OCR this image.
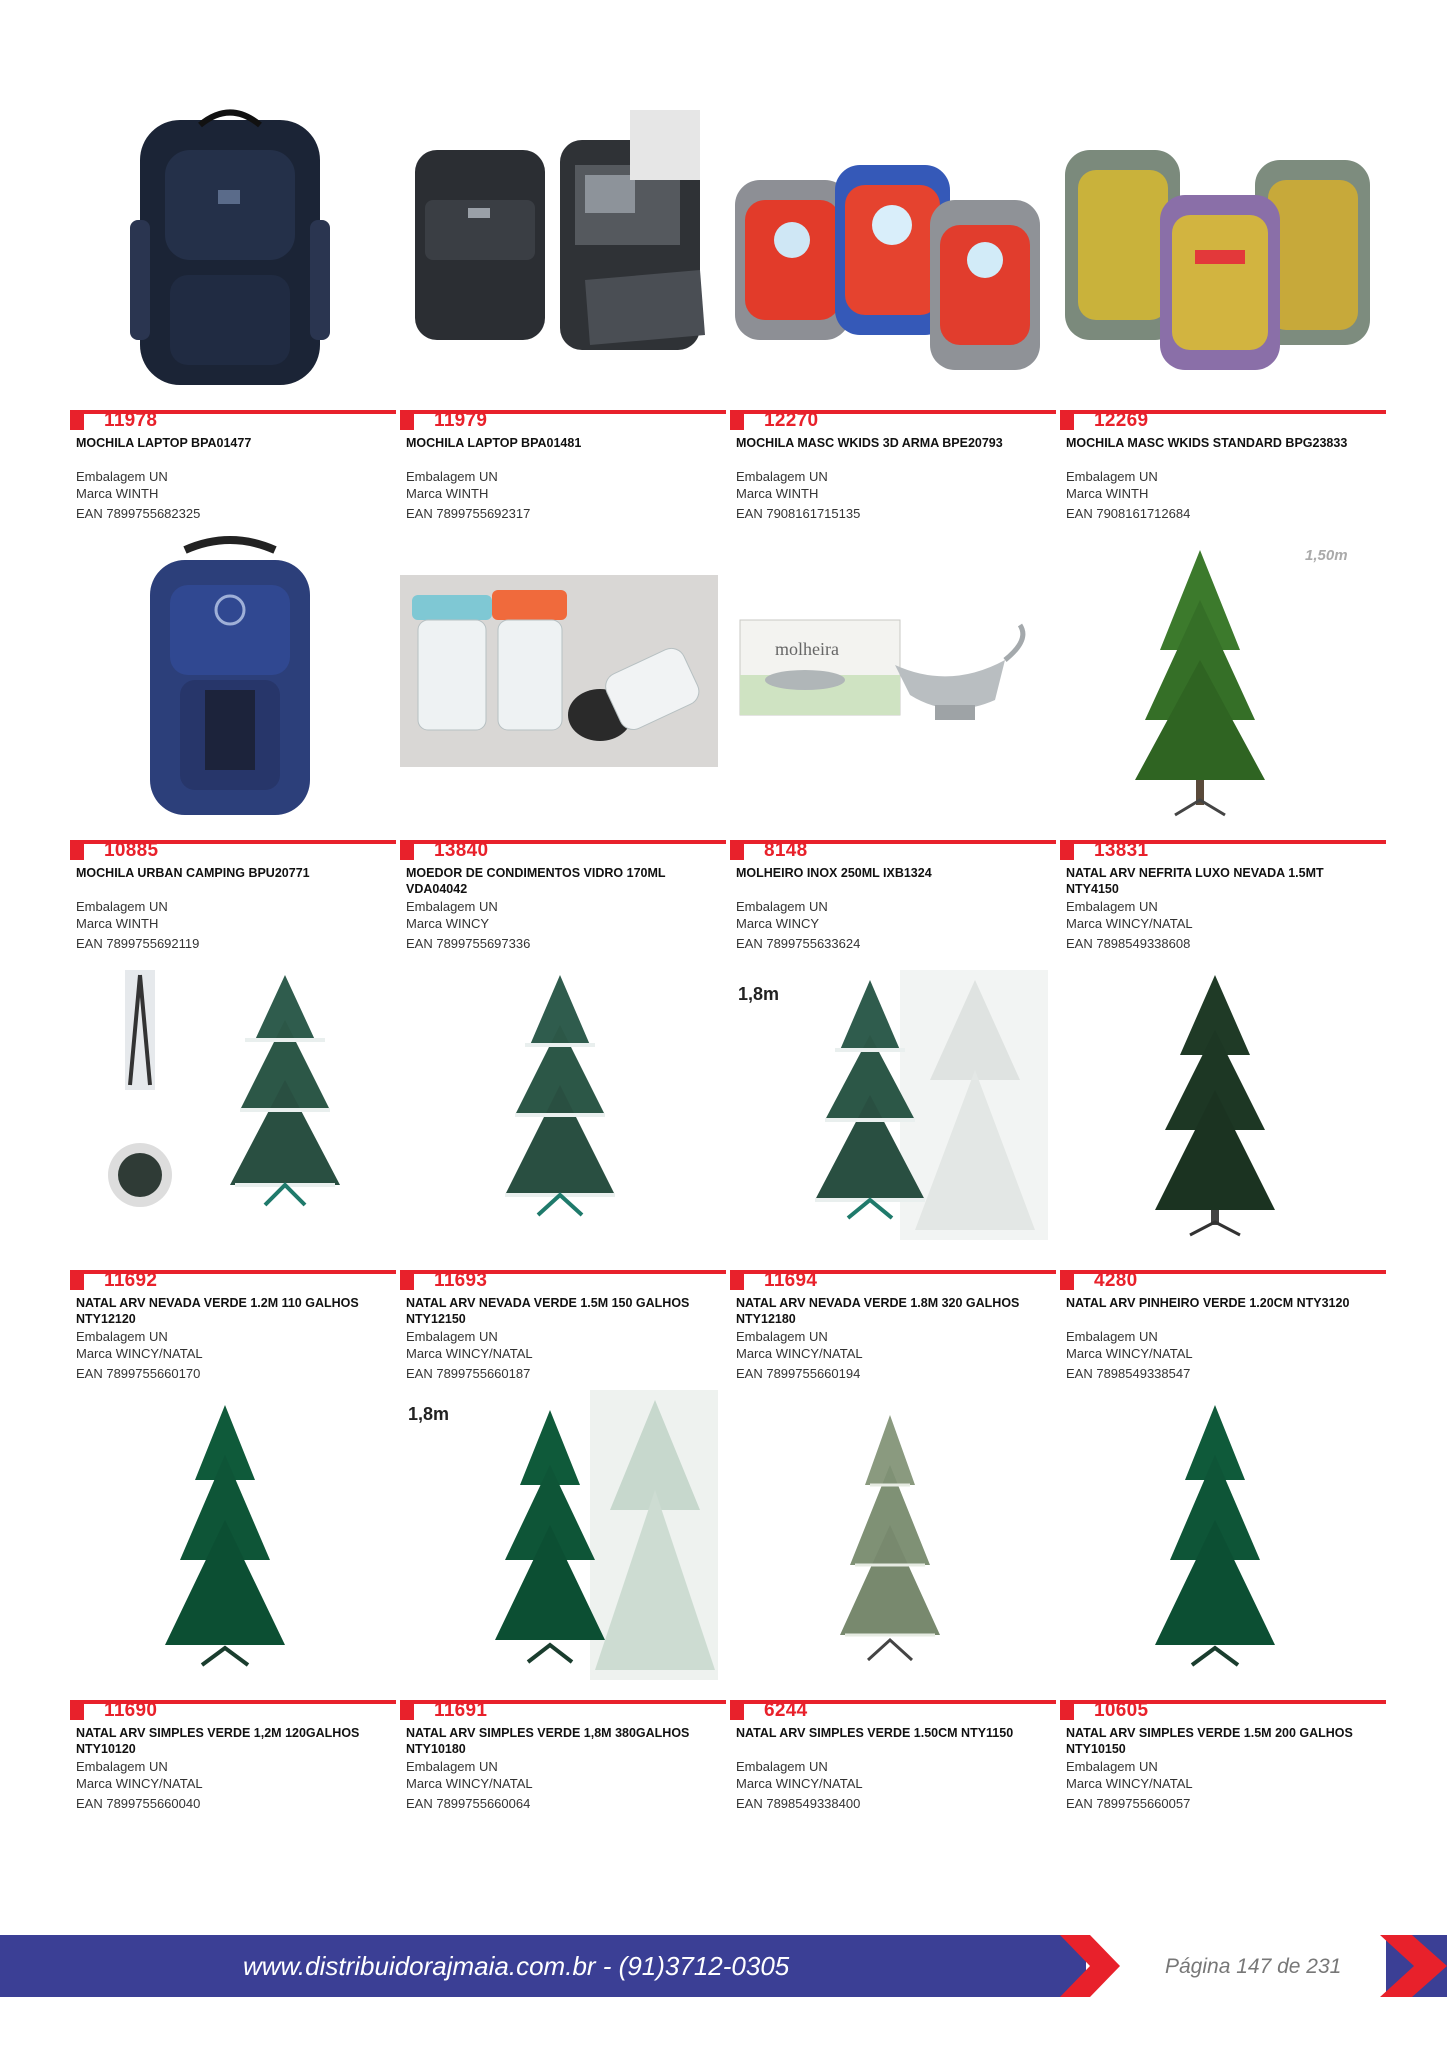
11978
MOCHILA LAPTOP BPA01477
Embalagem UN
Marca WINTH
EAN 7899755682325
11979
MOCHILA LAPTOP BPA01481
Embalagem UN
Marca WINTH
EAN 7899755692317
12270
MOCHILA MASC WKIDS 3D ARMA BPE20793
Embalagem UN
Marca WINTH
EAN 7908161715135
12269
MOCHILA MASC WKIDS STANDARD BPG23833
Embalagem UN
Marca WINTH
EAN 7908161712684
10885
MOCHILA URBAN CAMPING BPU20771
Embalagem UN
Marca WINTH
EAN 7899755692119
13840
MOEDOR DE CONDIMENTOS VIDRO 170ML VDA04042
Embalagem UN
Marca WINCY
EAN 7899755697336
molheira
8148
MOLHEIRO INOX 250ML IXB1324
Embalagem UN
Marca WINCY
EAN 7899755633624
1,50m
13831
NATAL ARV NEFRITA LUXO NEVADA 1.5MT NTY4150
Embalagem UN
Marca WINCY/NATAL
EAN 7898549338608
11692
NATAL ARV NEVADA VERDE 1.2M 110 GALHOS NTY12120
Embalagem UN
Marca WINCY/NATAL
EAN 7899755660170
11693
NATAL ARV NEVADA VERDE 1.5M 150 GALHOS NTY12150
Embalagem UN
Marca WINCY/NATAL
EAN 7899755660187
1,8m
11694
NATAL ARV NEVADA VERDE 1.8M 320 GALHOS NTY12180
Embalagem UN
Marca WINCY/NATAL
EAN 7899755660194
4280
NATAL ARV PINHEIRO VERDE 1.20CM NTY3120
Embalagem UN
Marca WINCY/NATAL
EAN 7898549338547
11690
NATAL ARV SIMPLES VERDE 1,2M 120GALHOS NTY10120
Embalagem UN
Marca WINCY/NATAL
EAN 7899755660040
1,8m
11691
NATAL ARV SIMPLES VERDE 1,8M 380GALHOS NTY10180
Embalagem UN
Marca WINCY/NATAL
EAN 7899755660064
6244
NATAL ARV SIMPLES VERDE 1.50CM NTY1150
Embalagem UN
Marca WINCY/NATAL
EAN 7898549338400
10605
NATAL ARV SIMPLES VERDE 1.5M 200 GALHOS NTY10150
Embalagem UN
Marca WINCY/NATAL
EAN 7899755660057
www.distribuidorajmaia.com.br - (91)3712-0305	Página 147 de 231
